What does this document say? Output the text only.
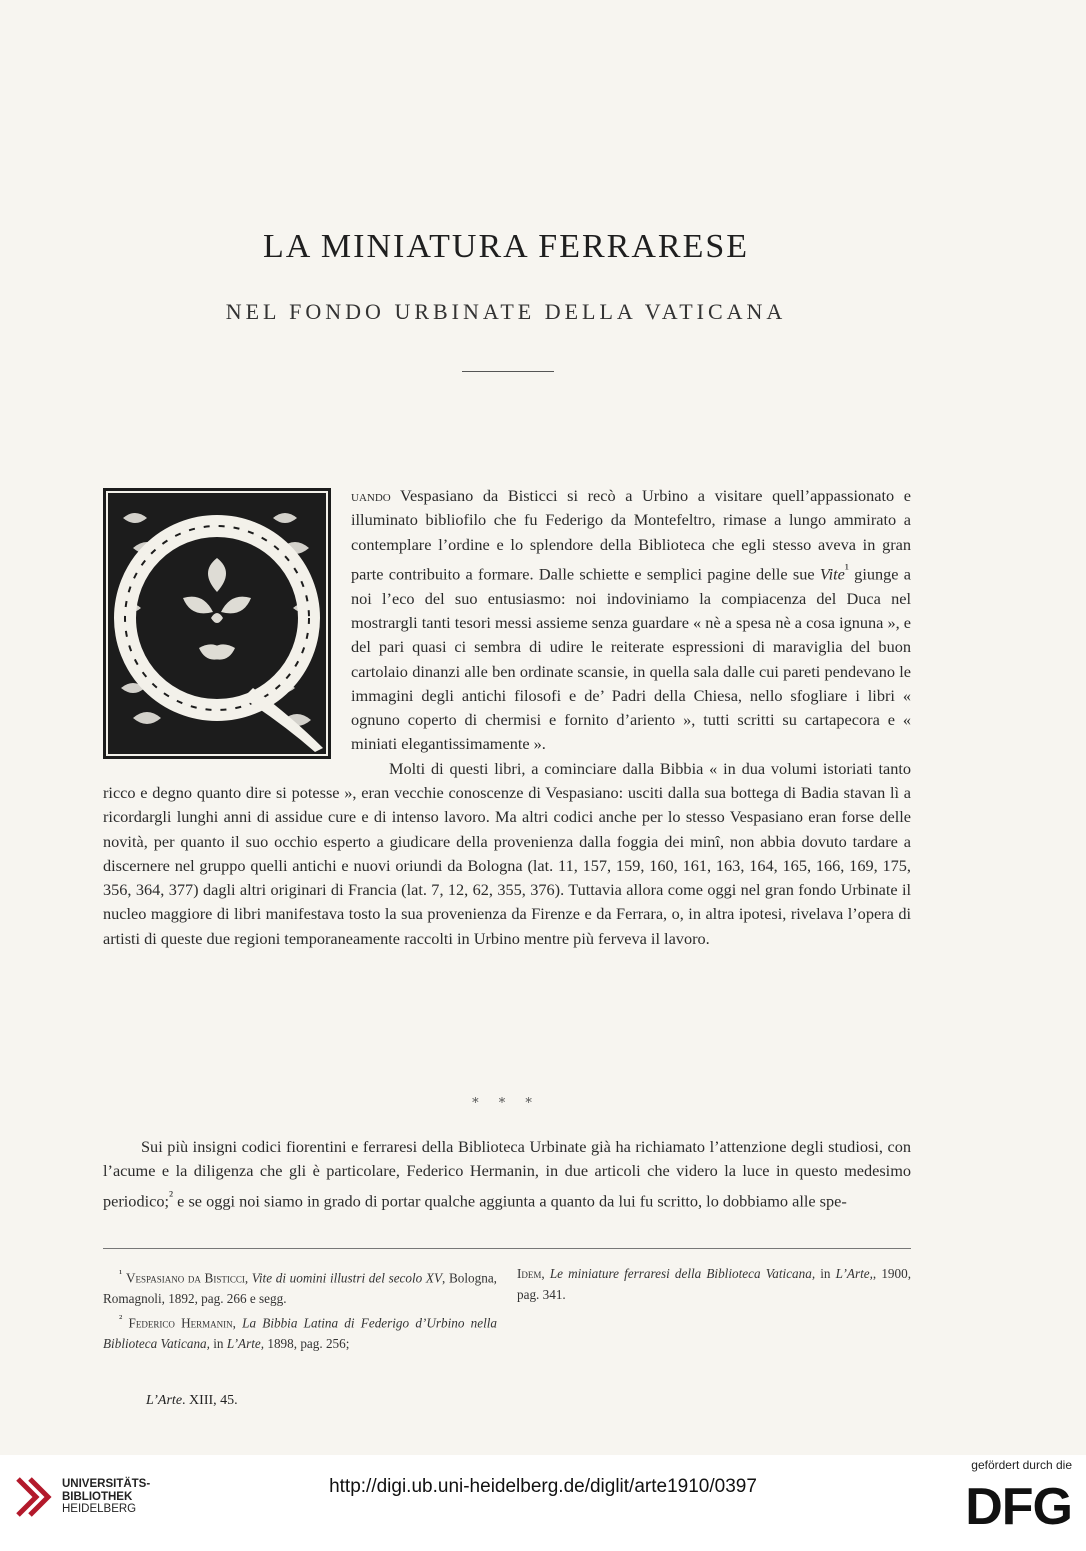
LA MINIATURA FERRARESE
NEL FONDO URBINATE DELLA VATICANA

uando Vespasiano da Bisticci si recò a Urbino a visitare quell’appassionato e illuminato bibliofilo che fu Federigo da Montefeltro, rimase a lungo ammirato a contemplare l’ordine e lo splendore della Biblioteca che egli stesso aveva in gran parte contribuito a formare. Dalle schiette e semplici pagine delle sue Vite$^{^1}$ giunge a noi l’eco del suo entusiasmo: noi indoviniamo la compiacenza del Duca nel mostrargli tanti tesori messi assieme senza guardare « nè a spesa nè a cosa ignuna », e del pari quasi ci sembra di udire le reiterate espressioni di maraviglia del buon cartolaio dinanzi alle ben ordinate scansie, in quella sala dalle cui pareti pendevano le immagini degli antichi filosofi e de’ Padri della Chiesa, nello sfogliare i libri « ognuno coperto di chermisi e fornito d’ariento », tutti scritti su cartapecora e « miniati elegantissimamente ».

Molti di questi libri, a cominciare dalla Bibbia « in dua volumi istoriati tanto ricco e degno quanto dire si potesse », eran vecchie conoscenze di Vespasiano: usciti dalla sua bottega di Badia stavan lì a ricordargli lunghi anni di assidue cure e di intenso lavoro. Ma altri codici anche per lo stesso Vespasiano eran forse delle novità, per quanto il suo occhio esperto a giudicare della provenienza dalla foggia dei minî, non abbia dovuto tardare a discernere nel gruppo quelli antichi e nuovi oriundi da Bologna (lat. 11, 157, 159, 160, 161, 163, 164, 165, 166, 169, 175, 356, 364, 377) dagli altri originari di Francia (lat. 7, 12, 62, 355, 376). Tuttavia allora come oggi nel gran fondo Urbinate il nucleo maggiore di libri manifestava tosto la sua provenienza da Firenze e da Ferrara, o, in altra ipotesi, rivelava l’opera di artisti di queste due regioni temporaneamente raccolti in Urbino mentre più ferveva il lavoro.

* * *

Sui più insigni codici fiorentini e ferraresi della Biblioteca Urbinate già ha richiamato l’attenzione degli studiosi, con l’acume e la diligenza che gli è particolare, Federico Hermanin, in due articoli che videro la luce in questo medesimo periodico;$^{^2}$ e se oggi noi siamo in grado di portar qualche aggiunta a quanto da lui fu scritto, lo dobbiamo alle spe-

$^{^1}$ Vespasiano da Bisticci, Vite di uomini illustri del secolo XV, Bologna, Romagnoli, 1892, pag. 266 e segg.

$^{^2}$ Federico Hermanin, La Bibbia Latina di Federigo d’Urbino nella Biblioteca Vaticana, in L’Arte, 1898, pag. 256;

Idem, Le miniature ferraresi della Biblioteca Vaticana, in L’Arte,, 1900, pag. 341.

L’Arte. XIII, 45.
UNIVERSITÄTS-
BIBLIOTHEK
HEIDELBERG
http://digi.ub.uni-heidelberg.de/diglit/arte1910/0397
gefördert durch die
DFG
